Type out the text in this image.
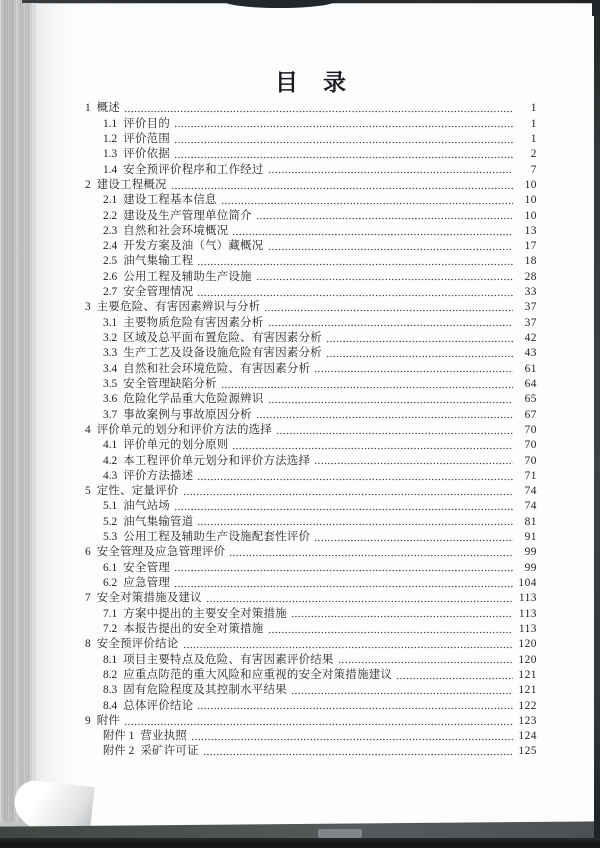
目　录
1 概述	1
1.1 评价目的	1
1.2 评价范围	1
1.3 评价依据	2
1.4 安全预评价程序和工作经过	7
2 建设工程概况	10
2.1 建设工程基本信息	10
2.2 建设及生产管理单位简介	10
2.3 自然和社会环境概况	13
2.4 开发方案及油（气）藏概况	17
2.5 油气集输工程	18
2.6 公用工程及辅助生产设施	28
2.7 安全管理情况	33
3 主要危险、有害因素辨识与分析	37
3.1 主要物质危险有害因素分析	37
3.2 区域及总平面布置危险、有害因素分析	42
3.3 生产工艺及设备设施危险有害因素分析	43
3.4 自然和社会环境危险、有害因素分析	61
3.5 安全管理缺陷分析	64
3.6 危险化学品重大危险源辨识	65
3.7 事故案例与事故原因分析	67
4 评价单元的划分和评价方法的选择	70
4.1 评价单元的划分原则	70
4.2 本工程评价单元划分和评价方法选择	70
4.3 评价方法描述	71
5 定性、定量评价	74
5.1 油气站场	74
5.2 油气集输管道	81
5.3 公用工程及辅助生产设施配套性评价	91
6 安全管理及应急管理评价	99
6.1 安全管理	99
6.2 应急管理	104
7 安全对策措施及建议	113
7.1 方案中提出的主要安全对策措施	113
7.2 本报告提出的安全对策措施	113
8 安全预评价结论	120
8.1 项目主要特点及危险、有害因素评价结果	120
8.2 应重点防范的重大风险和应重视的安全对策措施建议	121
8.3 固有危险程度及其控制水平结果	121
8.4 总体评价结论	122
9 附件	123
附件 1 营业执照	124
附件 2 采矿许可证	125
